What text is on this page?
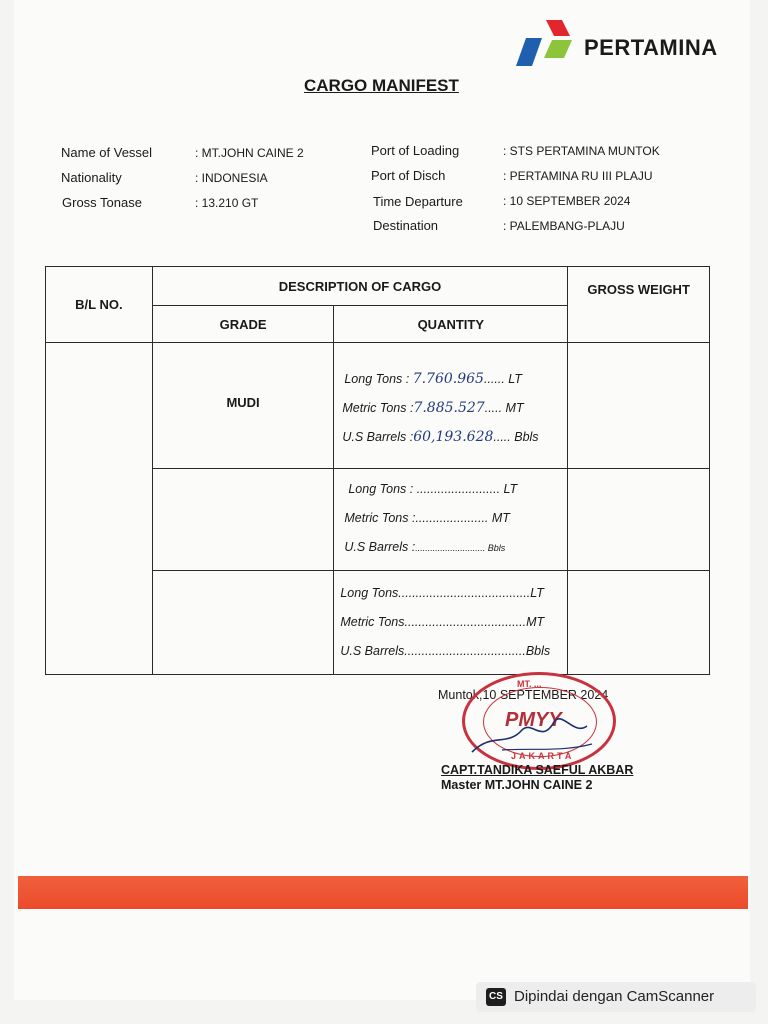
PERTAMINA
CARGO MANIFEST
Name of Vessel	: MT.JOHN CAINE 2
Nationality	: INDONESIA
Gross Tonase	: 13.210 GT
Port of Loading	: STS PERTAMINA MUNTOK
Port of Disch	: PERTAMINA RU III PLAJU
Time Departure	: 10 SEPTEMBER 2024
Destination	: PALEMBANG-PLAJU
B/L NO.	DESCRIPTION OF CARGO		GROSS WEIGHT
	GRADE	QUANTITY	
	MUDI	Long Tons : 7.760.965...... LT
Metric Tons :7.885.527..... MT
U.S Barrels :60,193.628..... Bbls	

		Long Tons : ........................ LT
Metric Tons :..................... MT
U.S Barrels :............................ Bbls	

		Long Tons......................................LT
Metric Tons...................................MT
U.S Barrels...................................Bbls	

Muntok,10 SEPTEMBER 2024
MT. ...
PMYY
JAKARTA
CAPT.TANDIKA SAEFUL AKBAR
Master MT.JOHN CAINE 2
CS Dipindai dengan CamScanner
